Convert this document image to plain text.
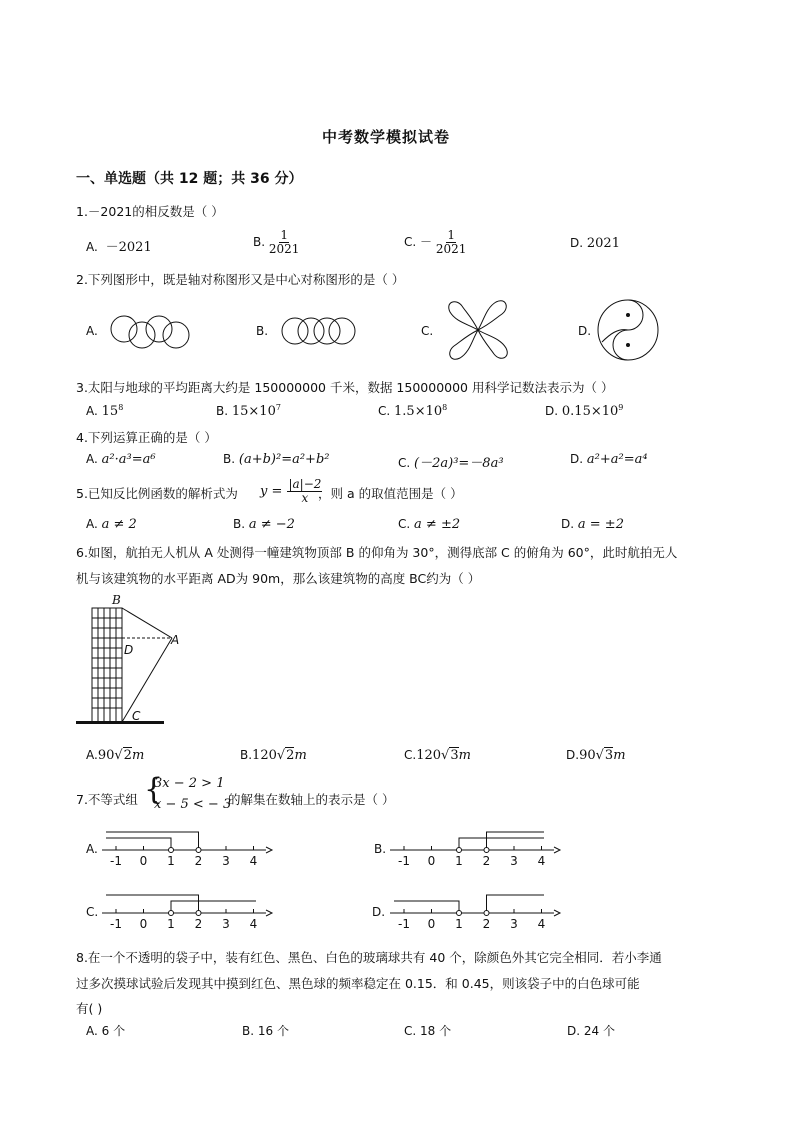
中考数学模拟试卷
一、单选题（共 12 题；共 36 分）
1.－2021的相反数是（ ）
A. －2021	B. $\frac{1}{2021}$	C. － $\frac{1}{2021}$	D. 2021
2.下列图形中，既是轴对称图形又是中心对称图形的是（ ）
A.	B.	C.	D.
3.太阳与地球的平均距离大约是 150000000 千米，数据 150000000 用科学记数法表示为（ ）
A. $15^8$	B. $15\times 10^7$	C. $1.5\times 10^8$	D. $0.15\times 10^9$
4.下列运算正确的是（ ）
A. a²·a³=a⁶	B. (a+b)²=a²+b²	C. (－2a)³=－8a³	D. a²+a²=a⁴
5.已知反比例函数的解析式为 $y = \frac{|a|-2}{x}$
，则 a 的取值范围是（ ）
A. a ≠ 2	B. a ≠ −2	C. a ≠ ±2	D. a = ±2
6.如图，航拍无人机从 A 处测得一幢建筑物顶部 B 的仰角为 30°，测得底部 C 的俯角为 60°，此时航拍无人
机与该建筑物的水平距离 AD为 90m，那么该建筑物的高度 BC约为（ ）
B
A
D
C
A.90√2m	B.120√2m	C.120√3m	D.90√3m
7.不等式组 {
3x − 2 > 1
x − 5 < − 3
的解集在数轴上的表示是（ ）
A.
-1 0 1 2 3 4
B.
-1 0 1 2 3 4
C.
-1 0 1 2 3 4
D.
-1 0 1 2 3 4
8.在一个不透明的袋子中，装有红色、黑色、白色的玻璃球共有 40 个，除颜色外其它完全相同．若小李通
过多次摸球试验后发现其中摸到红色、黑色球的频率稳定在 0.15．和 0.45，则该袋子中的白色球可能
有( )
A. 6 个	B. 16 个	C. 18 个	D. 24 个
